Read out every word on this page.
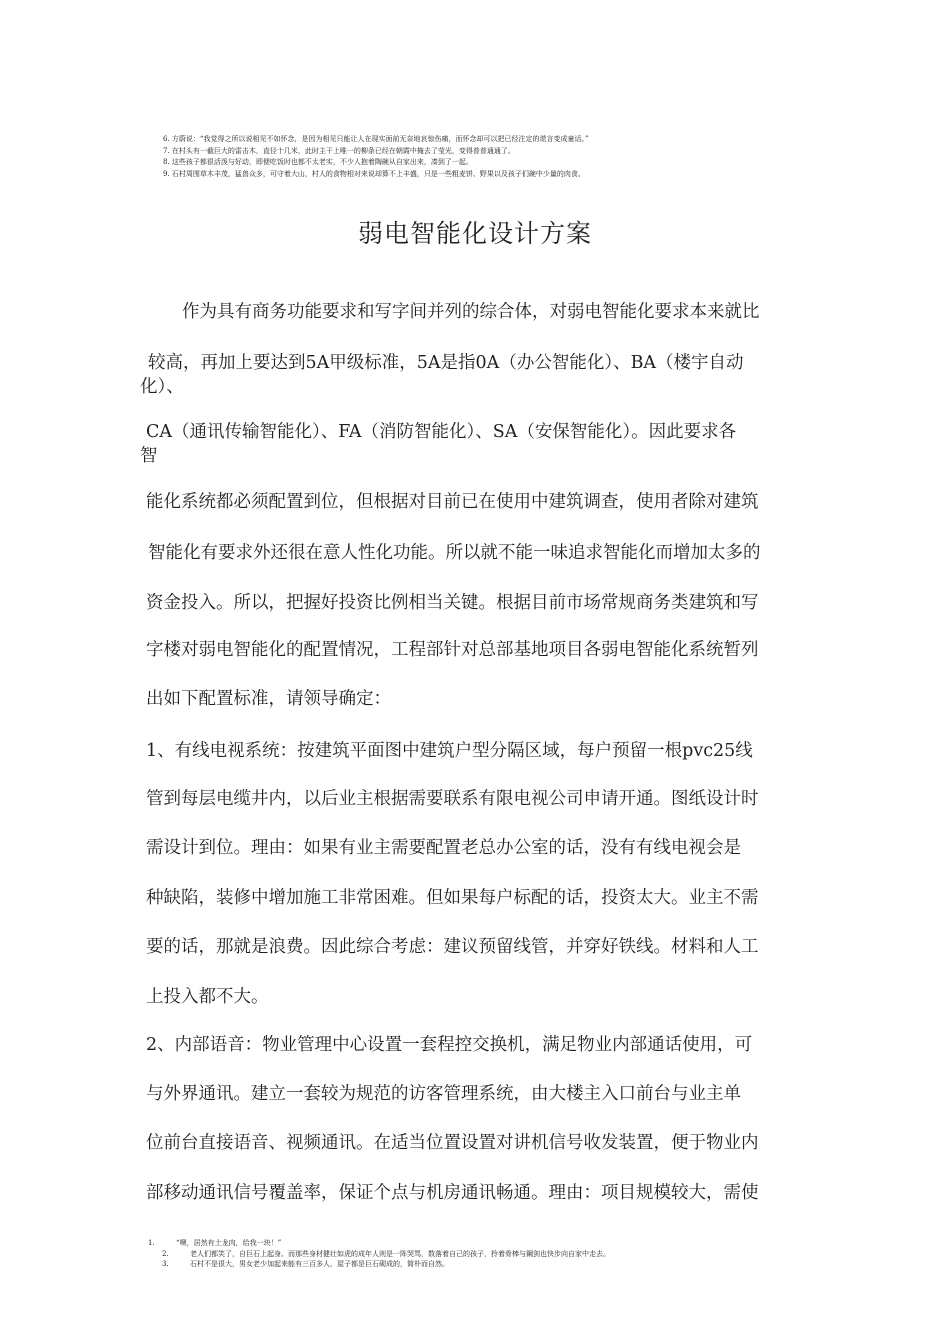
6. 方蔚说：“我觉得之所以说相见不如怀念，是因为相见只能让人在现实面前无奈地哀惊伤痛，而怀念却可以把已经注定的谎言变成童话。”
7. 在村头有一截巨大的雷击木，直径十几米，此时主干上唯一的柳条已经在朝霞中掩去了莹光，变得普普通通了。
8. 这些孩子都很活泼与好动，即便吃饭时也都不太老实，不少人抱着陶碗从自家出来，凑到了一起。
9. 石村周围草木丰茂，猛兽众多，可守着大山，村人的食物相对来说却算不上丰盛，只是一些粗麦饼、野果以及孩子们碗中少量的肉食。
弱电智能化设计方案
作为具有商务功能要求和写字间并列的综合体，对弱电智能化要求本来就比
较高，再加上要达到5A甲级标准，5A是指0A（办公智能化）、BA（楼宇自动
化）、
CA（通讯传输智能化）、FA（消防智能化）、SA（安保智能化）。因此要求各
智
能化系统都必须配置到位，但根据对目前已在使用中建筑调查，使用者除对建筑
智能化有要求外还很在意人性化功能。所以就不能一味追求智能化而增加太多的
资金投入。所以，把握好投资比例相当关键。根据目前市场常规商务类建筑和写
字楼对弱电智能化的配置情况，工程部针对总部基地项目各弱电智能化系统暂列
出如下配置标准，请领导确定：
1、有线电视系统：按建筑平面图中建筑户型分隔区域，每户预留一根pvc25线
管到每层电缆井内，以后业主根据需要联系有限电视公司申请开通。图纸设计时
需设计到位。理由：如果有业主需要配置老总办公室的话，没有有线电视会是
种缺陷，装修中增加施工非常困难。但如果每户标配的话，投资太大。业主不需
要的话，那就是浪费。因此综合考虑：建议预留线管，并穿好铁线。材料和人工
上投入都不大。
2、内部语音：物业管理中心设置一套程控交换机，满足物业内部通话使用，可
与外界通讯。建立一套较为规范的访客管理系统，由大楼主入口前台与业主单
位前台直接语音、视频通讯。在适当位置设置对讲机信号收发装置，便于物业内
部移动通讯信号覆盖率，保证个点与机房通讯畅通。理由：项目规模较大，需使
1.	“噢，居然有土龙肉，给我一块！”
2.	老人们都笑了，自巨石上起身。而那些身材健壮如虎的成年人则是一阵哭骂，数落着自己的孩子，拎着骨棒与鋼剑也快步向自家中走去。
3.	石村不是很大，男女老少加起来能有三百多人，屋子都是巨石砌成的，简朴而自然。
